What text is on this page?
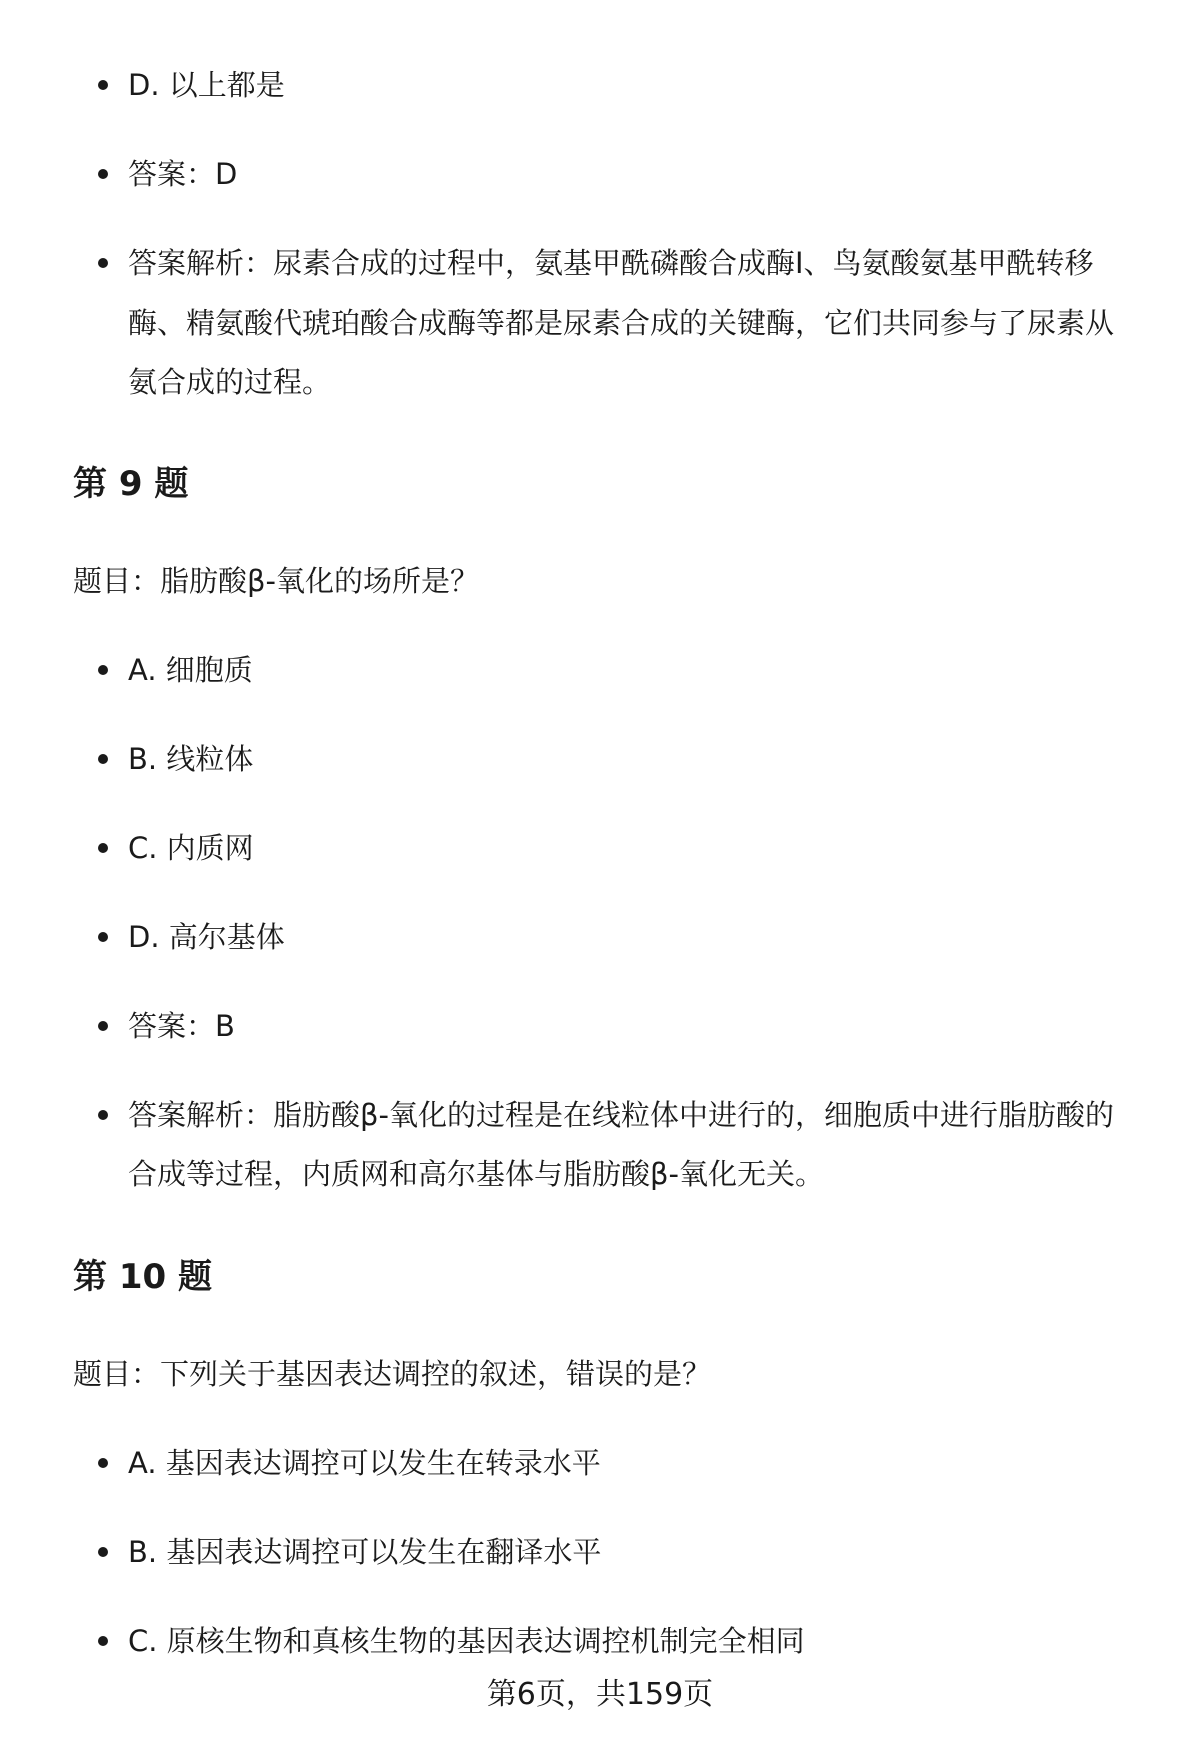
D. 以上都是
答案：D
答案解析：尿素合成的过程中，氨基甲酰磷酸合成酶Ⅰ、鸟氨酸氨基甲酰转移
酶、精氨酸代琥珀酸合成酶等都是尿素合成的关键酶，它们共同参与了尿素从
氨合成的过程。
第 9 题
题目：脂肪酸β-氧化的场所是？
A. 细胞质
B. 线粒体
C. 内质网
D. 高尔基体
答案：B
答案解析：脂肪酸β-氧化的过程是在线粒体中进行的，细胞质中进行脂肪酸的
合成等过程，内质网和高尔基体与脂肪酸β-氧化无关。
第 10 题
题目：下列关于基因表达调控的叙述，错误的是？
A. 基因表达调控可以发生在转录水平
B. 基因表达调控可以发生在翻译水平
C. 原核生物和真核生物的基因表达调控机制完全相同
第6页，共159页
